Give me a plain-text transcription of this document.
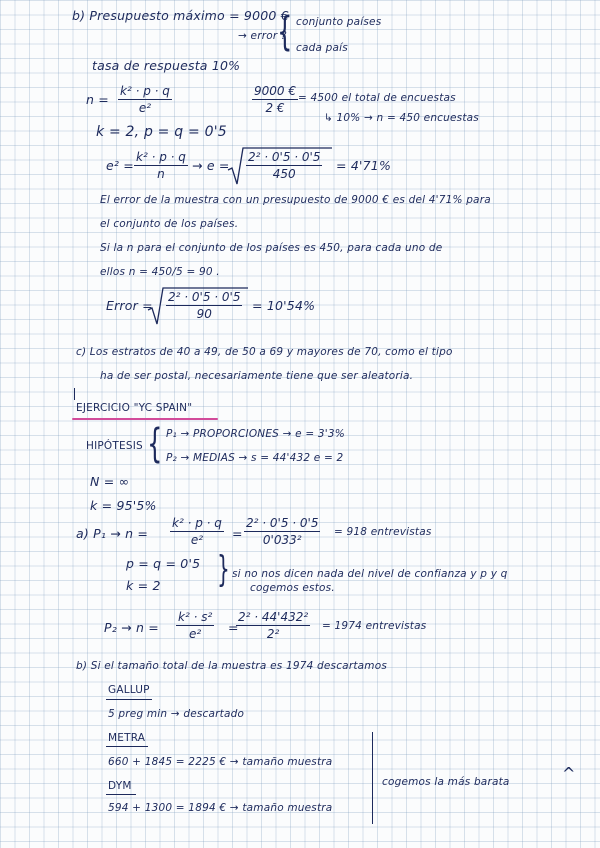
b) Presupuesto máximo = 9000 €
→ error ?
{ conjunto países
cada país
tasa de respuesta 10%
$n = \frac{\text{k² · p · q}}{\text{e²}}$	$\frac{9000 €}{2 €} = 4500$ el total de encuestas
↳ 10% → n = 450 encuestas
k = 2, p = q = 0'5
$e^2 = \frac{\text{k² · p · q}}{n} \to e = \frac{\text{2² · 0'5 · 0'5}}{450} = 4'71\%$
El error de la muestra con un presupuesto de 9000 € es del 4'71% para
el conjunto de los países.
Si la n para el conjunto de los países es 450, para cada uno de
ellos n = 450/5 = 90 .
Error = $\frac{\text{2² · 0'5 · 0'5}}{90} = 10'54\%$
c) Los estratos de 40 a 49, de 50 a 69 y mayores de 70, como el tipo
ha de ser postal, necesariamente tiene que ser aleatoria.
EJERCICIO "YC SPAIN"
HIPÓTESIS { P₁ → PROPORCIONES → e = 3'3%
P₂ → MEDIAS → s = 44'432 e = 2
N = ∞
k = 95'5%
a) $P_1 \to n = \frac{\text{k² · p · q}}{\text{e²}} = \frac{\text{2² · 0'5 · 0'5}}{\text{0'033²}} = 918$ entrevistas
p = q = 0'5
k = 2 } si no nos dicen nada del nivel de confianza y p y q
cogemos estos.
$P_2 \to n = \frac{\text{k² · s²}}{\text{e²}}$ =
$\frac{\text{2² · 44'432²}}{\text{2²}} = 1974$ entrevistas
b) Si el tamaño total de la muestra es 1974 descartamos
GALLUP
5 preg min → descartado
METRA
660 + 1845 = 2225 € → tamaño muestra
DYM
594 + 1300 = 1894 € → tamaño muestra
cogemos la más barata	^
